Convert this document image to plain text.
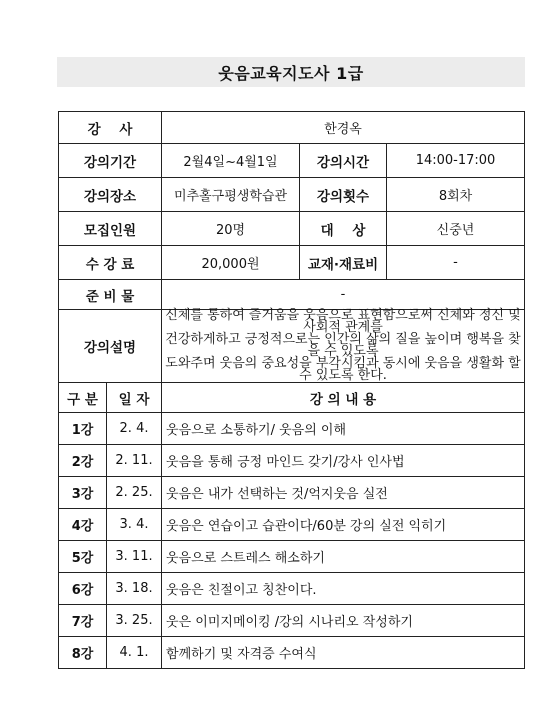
웃음교육지도사 1급
강    사		한경옥		
강의기간		2월4일~4월1일	강의시간	14:00-17:00
강의장소		미추홀구평생학습관	강의횟수	8회차
모집인원		20명	대    상	신중년
수 강 료		20,000원	교재·재료비	-
준 비 물		-		
강의설명		신체를 통하여 즐거움을 웃음으로 표현함으로써 신체와 정신 및 사회적 관계를
건강하게하고 긍정적으로는 인간의 삶의 질을 높이며 행복을 찾을 수 있도록
도와주며 웃음의 중요성을 부각시킴과 동시에 웃음을 생활화 할 수 있도록 한다.		

구 분	일 자	강 의 내 용		
1강	2. 4.	웃음으로 소통하기/ 웃음의 이해		
2강	2. 11.	웃음을 통해 긍정 마인드 갖기/강사 인사법		
3강	2. 25.	웃음은 내가 선택하는 것/억지웃음 실전		
4강	3. 4.	웃음은 연습이고 습관이다/60분 강의 실전 익히기		
5강	3. 11.	웃음으로 스트레스 해소하기		
6강	3. 18.	웃음은 친절이고 칭찬이다.		
7강	3. 25.	웃은 이미지메이킹 /강의 시나리오 작성하기		
8강	4. 1.	함께하기 및 자격증 수여식		
